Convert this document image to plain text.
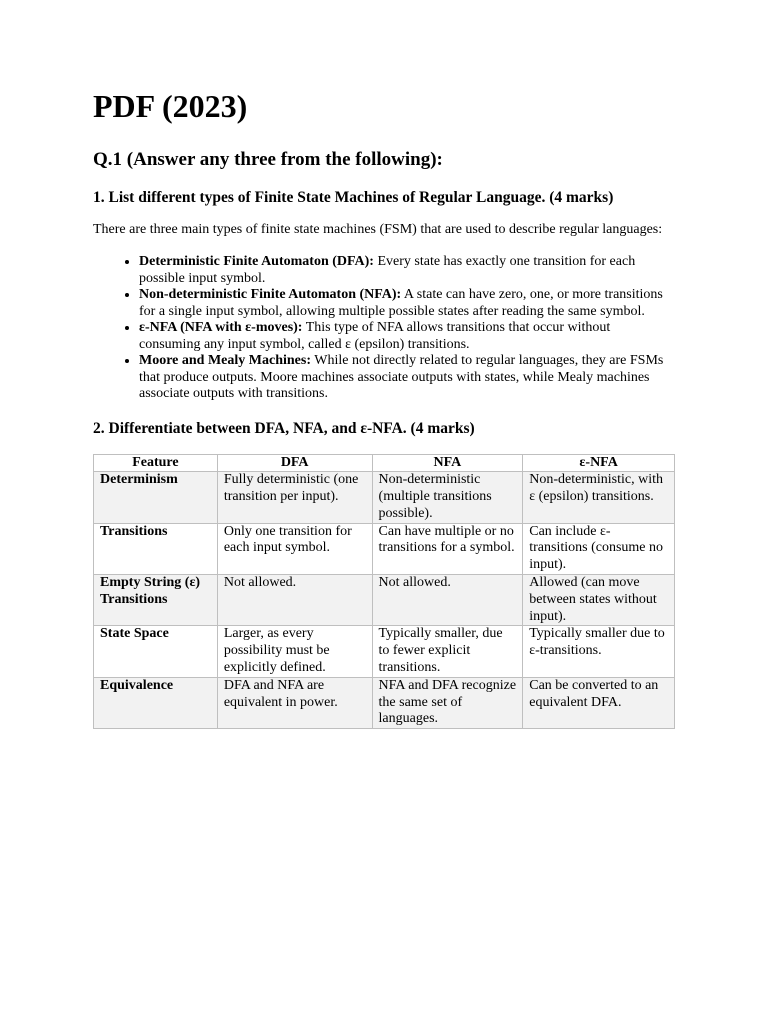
PDF (2023)
Q.1 (Answer any three from the following):
1. List different types of Finite State Machines of Regular Language. (4 marks)

There are three main types of finite state machines (FSM) that are used to describe regular languages:

• Deterministic Finite Automaton (DFA): Every state has exactly one transition for each possible input symbol.
• Non-deterministic Finite Automaton (NFA): A state can have zero, one, or more transitions for a single input symbol, allowing multiple possible states after reading the same symbol.
• ε-NFA (NFA with ε-moves): This type of NFA allows transitions that occur without consuming any input symbol, called ε (epsilon) transitions.
• Moore and Mealy Machines: While not directly related to regular languages, they are FSMs that produce outputs. Moore machines associate outputs with states, while Mealy machines associate outputs with transitions.
2. Differentiate between DFA, NFA, and ε-NFA. (4 marks)
Feature	DFA	NFA	ε-NFA
Determinism	Fully deterministic (one transition per input).	Non-deterministic (multiple transitions possible).	Non-deterministic, with ε (epsilon) transitions.
Transitions	Only one transition for each input symbol.	Can have multiple or no transitions for a symbol.	Can include ε-transitions (consume no input).
Empty String (ε) Transitions	Not allowed.	Not allowed.	Allowed (can move between states without input).
State Space	Larger, as every possibility must be explicitly defined.	Typically smaller, due to fewer explicit transitions.	Typically smaller due to ε-transitions.
Equivalence	DFA and NFA are equivalent in power.	NFA and DFA recognize the same set of languages.	Can be converted to an equivalent DFA.
